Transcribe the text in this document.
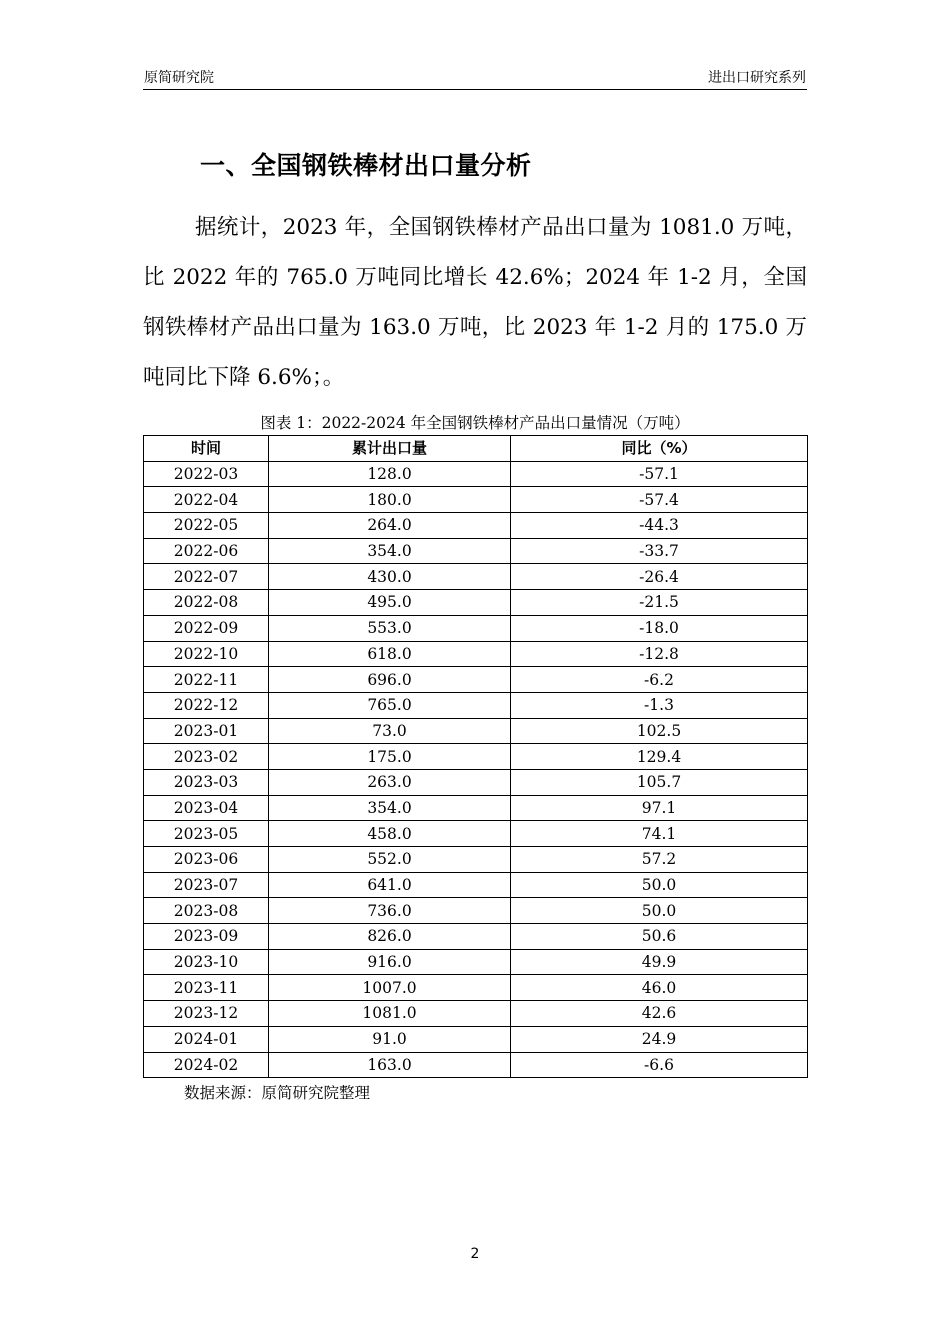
原简研究院	进出口研究系列
一、全国钢铁棒材出口量分析

据统计，2023 年，全国钢铁棒材产品出口量为 1081.0 万吨，比 2022 年的 765.0 万吨同比增长 42.6%；2024 年 1-2 月，全国钢铁棒材产品出口量为 163.0 万吨，比 2023 年 1-2 月的 175.0 万吨同比下降 6.6%；。

图表 1：2022-2024 年全国钢铁棒材产品出口量情况（万吨）
时间	累计出口量	同比（%）
2022-03	128.0	-57.1
2022-04	180.0	-57.4
2022-05	264.0	-44.3
2022-06	354.0	-33.7
2022-07	430.0	-26.4
2022-08	495.0	-21.5
2022-09	553.0	-18.0
2022-10	618.0	-12.8
2022-11	696.0	-6.2
2022-12	765.0	-1.3
2023-01	73.0	102.5
2023-02	175.0	129.4
2023-03	263.0	105.7
2023-04	354.0	97.1
2023-05	458.0	74.1
2023-06	552.0	57.2
2023-07	641.0	50.0
2023-08	736.0	50.0
2023-09	826.0	50.6
2023-10	916.0	49.9
2023-11	1007.0	46.0
2023-12	1081.0	42.6
2024-01	91.0	24.9
2024-02	163.0	-6.6
数据来源：原简研究院整理
2
